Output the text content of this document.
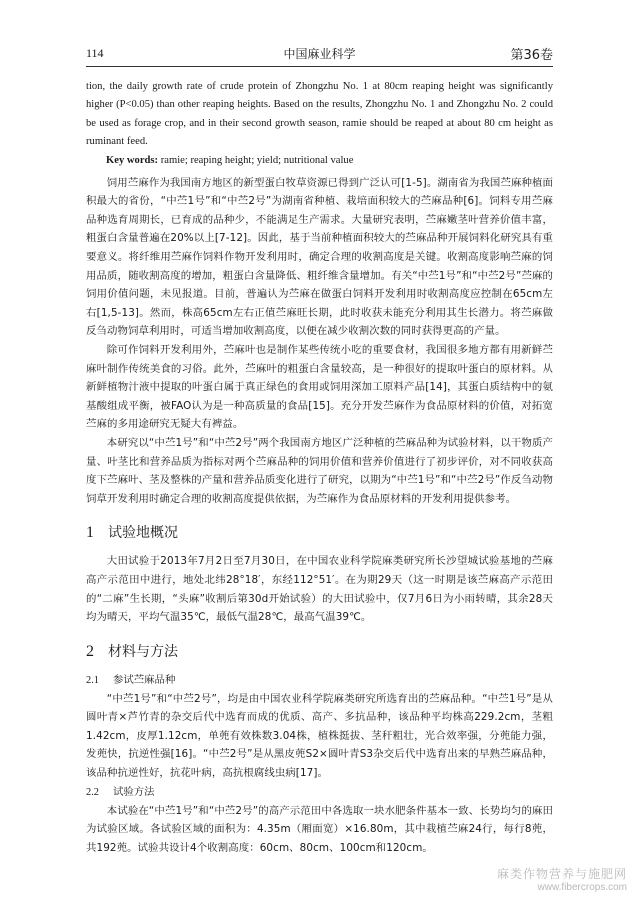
114	中国麻业科学	第36卷

tion, the daily growth rate of crude protein of Zhongzhu No. 1 at 80cm reaping height was significantly higher (P<0.05) than other reaping heights. Based on the results, Zhongzhu No. 1 and Zhongzhu No. 2 could be used as forage crop, and in their second growth season, ramie should be reaped at about 80 cm height as ruminant feed.

Key words: ramie; reaping height; yield; nutritional value

饲用苎麻作为我国南方地区的新型蛋白牧草资源已得到广泛认可[1-5]。湖南省为我国苎麻种植面积最大的省份，“中苎1号”和“中苎2号”为湖南省种植、栽培面积较大的苎麻品种[6]。饲料专用苎麻品种选育周期长，已育成的品种少，不能满足生产需求。大量研究表明，苎麻嫩茎叶营养价值丰富，粗蛋白含量普遍在20%以上[7-12]。因此，基于当前种植面积较大的苎麻品种开展饲料化研究具有重要意义。将纤维用苎麻作饲料作物开发利用时，确定合理的收割高度是关键。收割高度影响苎麻的饲用品质，随收割高度的增加，粗蛋白含量降低、粗纤维含量增加。有关“中苎1号”和“中苎2号”苎麻的饲用价值问题，未见报道。目前，普遍认为苎麻在做蛋白饲料开发利用时收割高度应控制在65cm左右[1,5-13]。然而，株高65cm左右正值苎麻旺长期，此时收获未能充分利用其生长潜力。将苎麻做反刍动物饲草利用时，可适当增加收割高度，以便在减少收割次数的同时获得更高的产量。

除可作饲料开发利用外，苎麻叶也是制作某些传统小吃的重要食材，我国很多地方都有用新鲜苎麻叶制作传统美食的习俗。此外，苎麻叶的粗蛋白含量较高，是一种很好的提取叶蛋白的原材料。从新鲜植物汁液中提取的叶蛋白属于真正绿色的食用或饲用深加工原料产品[14]，其蛋白质结构中的氨基酸组成平衡，被FAO认为是一种高质量的食品[15]。充分开发苎麻作为食品原材料的价值，对拓宽苎麻的多用途研究无疑大有裨益。

本研究以“中苎1号”和“中苎2号”两个我国南方地区广泛种植的苎麻品种为试验材料，以干物质产量、叶茎比和营养品质为指标对两个苎麻品种的饲用价值和营养价值进行了初步评价，对不同收获高度下苎麻叶、茎及整株的产量和营养品质变化进行了研究，以期为“中苎1号”和“中苎2号”作反刍动物饲草开发利用时确定合理的收割高度提供依据，为苎麻作为食品原材料的开发利用提供参考。

1 试验地概况

大田试验于2013年7月2日至7月30日，在中国农业科学院麻类研究所长沙望城试验基地的苎麻高产示范田中进行，地处北纬28°18′，东经112°51′。在为期29天（这一时期是该苎麻高产示范田的“二麻”生长期，“头麻”收割后第30d开始试验）的大田试验中，仅7月6日为小雨转晴，其余28天均为晴天，平均气温35℃，最低气温28℃，最高气温39℃。

2 材料与方法
2.1 参试苎麻品种

“中苎1号”和“中苎2号”，均是由中国农业科学院麻类研究所选育出的苎麻品种。“中苎1号”是从圆叶青×芦竹青的杂交后代中选育而成的优质、高产、多抗品种，该品种平均株高229.2cm，茎粗1.42cm，皮厚1.12cm，单蔸有效株数3.04株，植株挺拔、茎秆粗壮，光合效率强，分蔸能力强，发蔸快，抗逆性强[16]。“中苎2号”是从黑皮蔸S2×圆叶青S3杂交后代中选育出来的早熟苎麻品种，该品种抗逆性好，抗花叶病，高抗根腐线虫病[17]。

2.2 试验方法

本试验在“中苎1号”和“中苎2号”的高产示范田中各选取一块水肥条件基本一致、长势均匀的麻田为试验区域。各试验区域的面积为：4.35m（厢面宽）×16.80m，其中栽植苎麻24行，每行8蔸，共192蔸。试验共设计4个收割高度：60cm、80cm、100cm和120cm。

麻类作物营养与施肥网
www.fibercrops.com
